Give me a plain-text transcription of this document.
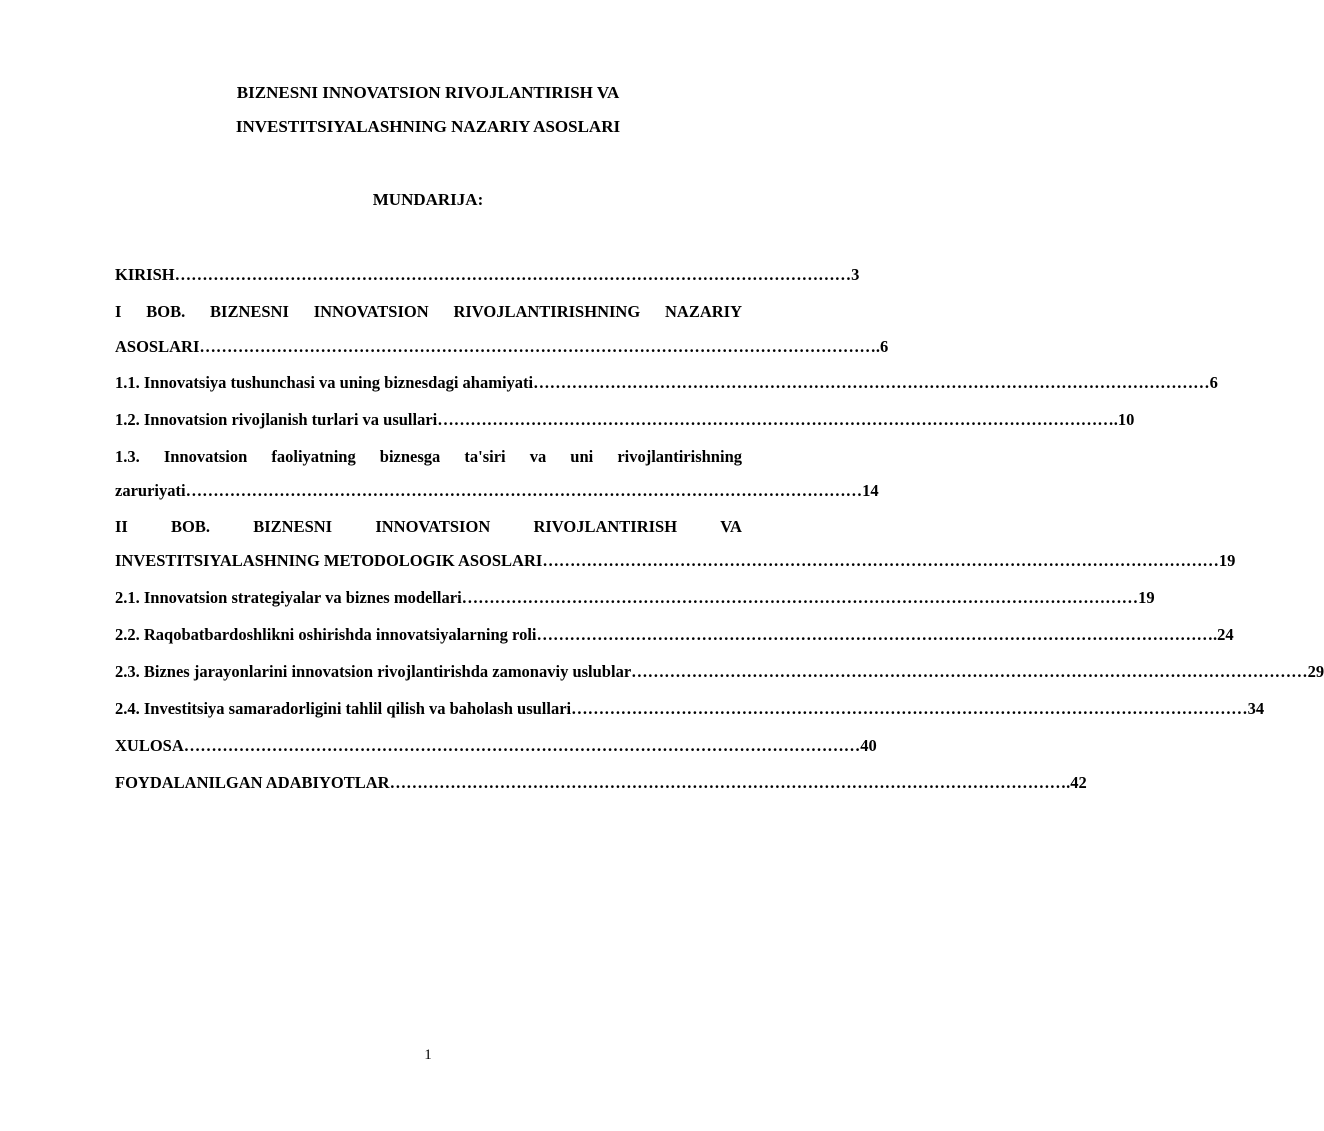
BIZNESNI INNOVATSION RIVOJLANTIRISH VA
INVESTITSIYALASHNING NAZARIY ASOSLARI
MUNDARIJA:
KIRISH …………………………………………………………………………………………………………… 3
I BOB. BIZNESNI INNOVATSION RIVOJLANTIRISHNING NAZARIY
ASOSLARI …………………………………………………………………………………………………………… .6
1.1. Innovatsiya tushunchasi va uning biznesdagi ahamiyati …………………………………………………………………………………………………………… 6
1.2. Innovatsion rivojlanish turlari va usullari …………………………………………………………………………………………………………… .10
1.3. Innovatsion faoliyatning biznesga ta'siri va uni rivojlantirishning
zaruriyati …………………………………………………………………………………………………………… 14
II	BOB.	BIZNESNI	INNOVATSION	RIVOJLANTIRISH	VA
INVESTITSIYALASHNING METODOLOGIK ASOSLARI …………………………………………………………………………………………………………… 19
2.1. Innovatsion strategiyalar va biznes modellari …………………………………………………………………………………………………………… 19
2.2. Raqobatbardoshlikni oshirishda innovatsiyalarning roli …………………………………………………………………………………………………………… .24
2.3. Biznes jarayonlarini innovatsion rivojlantirishda zamonaviy uslublar …………………………………………………………………………………………………………… 29
2.4. Investitsiya samaradorligini tahlil qilish va baholash usullari …………………………………………………………………………………………………………… 34
XULOSA …………………………………………………………………………………………………………… 40
FOYDALANILGAN ADABIYOTLAR …………………………………………………………………………………………………………… .42
1
